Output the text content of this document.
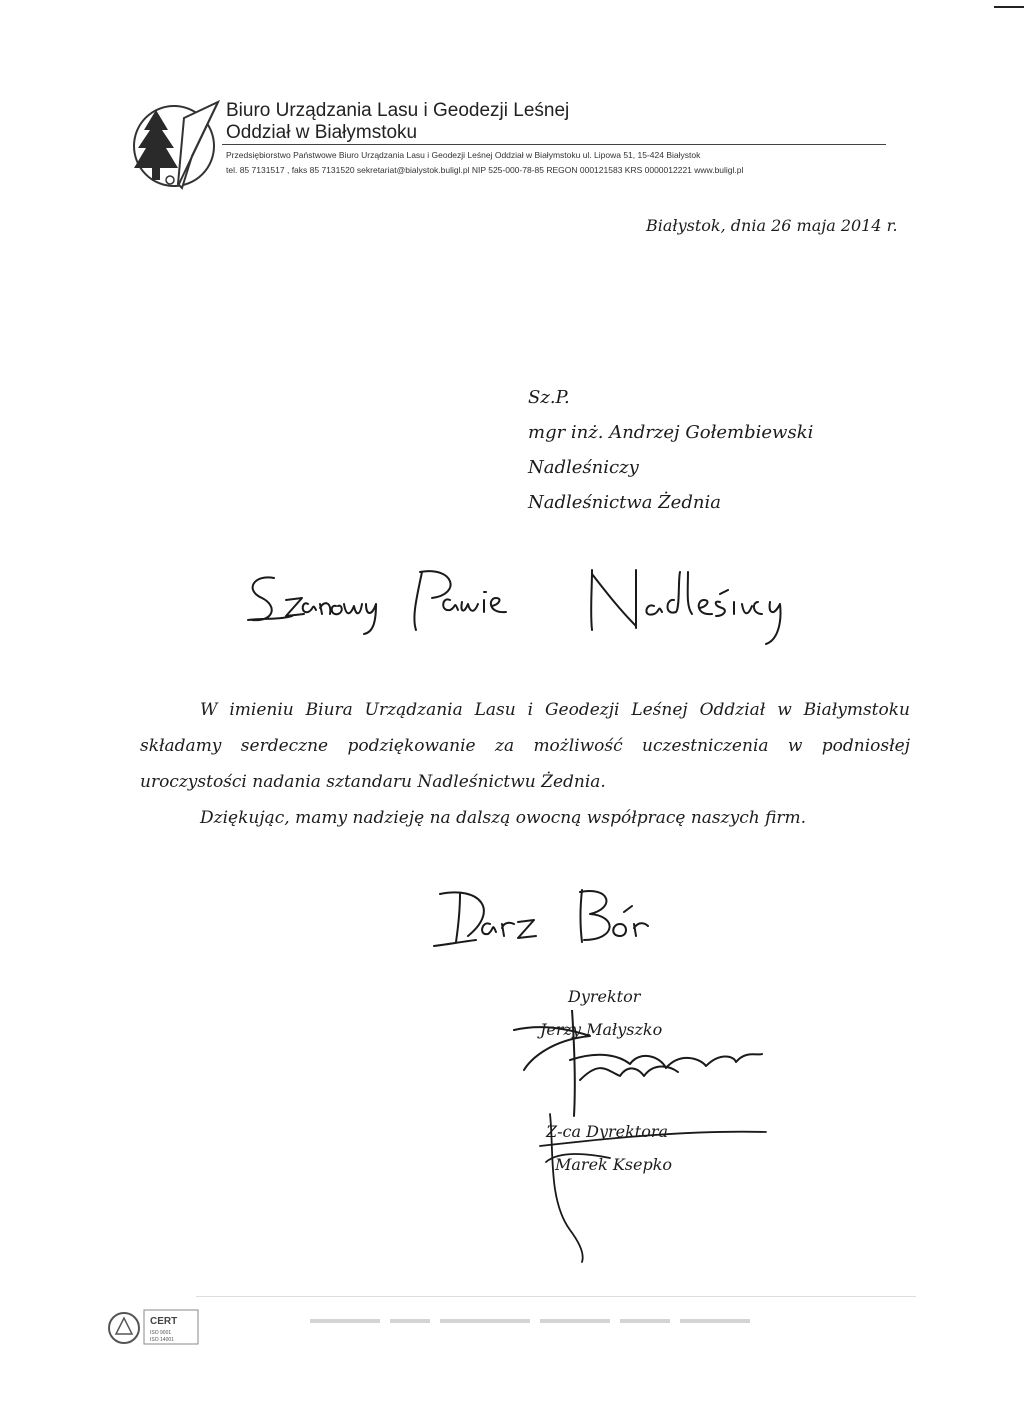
Biuro Urządzania Lasu i Geodezji Leśnej
Oddział w Białymstoku
Przedsiębiorstwo Państwowe Biuro Urządzania Lasu i Geodezji Leśnej Oddział w Białymstoku ul. Lipowa 51, 15-424 Białystok
tel. 85 7131517 , faks 85 7131520 sekretariat@bialystok.buligl.pl NIP 525-000-78-85 REGON 000121583 KRS 0000012221 www.buligl.pl
Białystok, dnia 26 maja 2014 r.
Sz.P.
mgr inż. Andrzej Gołembiewski
Nadleśniczy
Nadleśnictwa Żednia
W imieniu Biura Urządzania Lasu i Geodezji Leśnej Oddział w Białymstoku składamy serdeczne podziękowanie za możliwość uczestniczenia w podniosłej uroczystości nadania sztandaru Nadleśnictwu Żednia.
Dziękując, mamy nadzieję na dalszą owocną współpracę naszych firm.
Dyrektor
Jerzy Małyszko
Z-ca Dyrektora
Marek Ksepko
CERT
ISO 9001
ISO 14001
